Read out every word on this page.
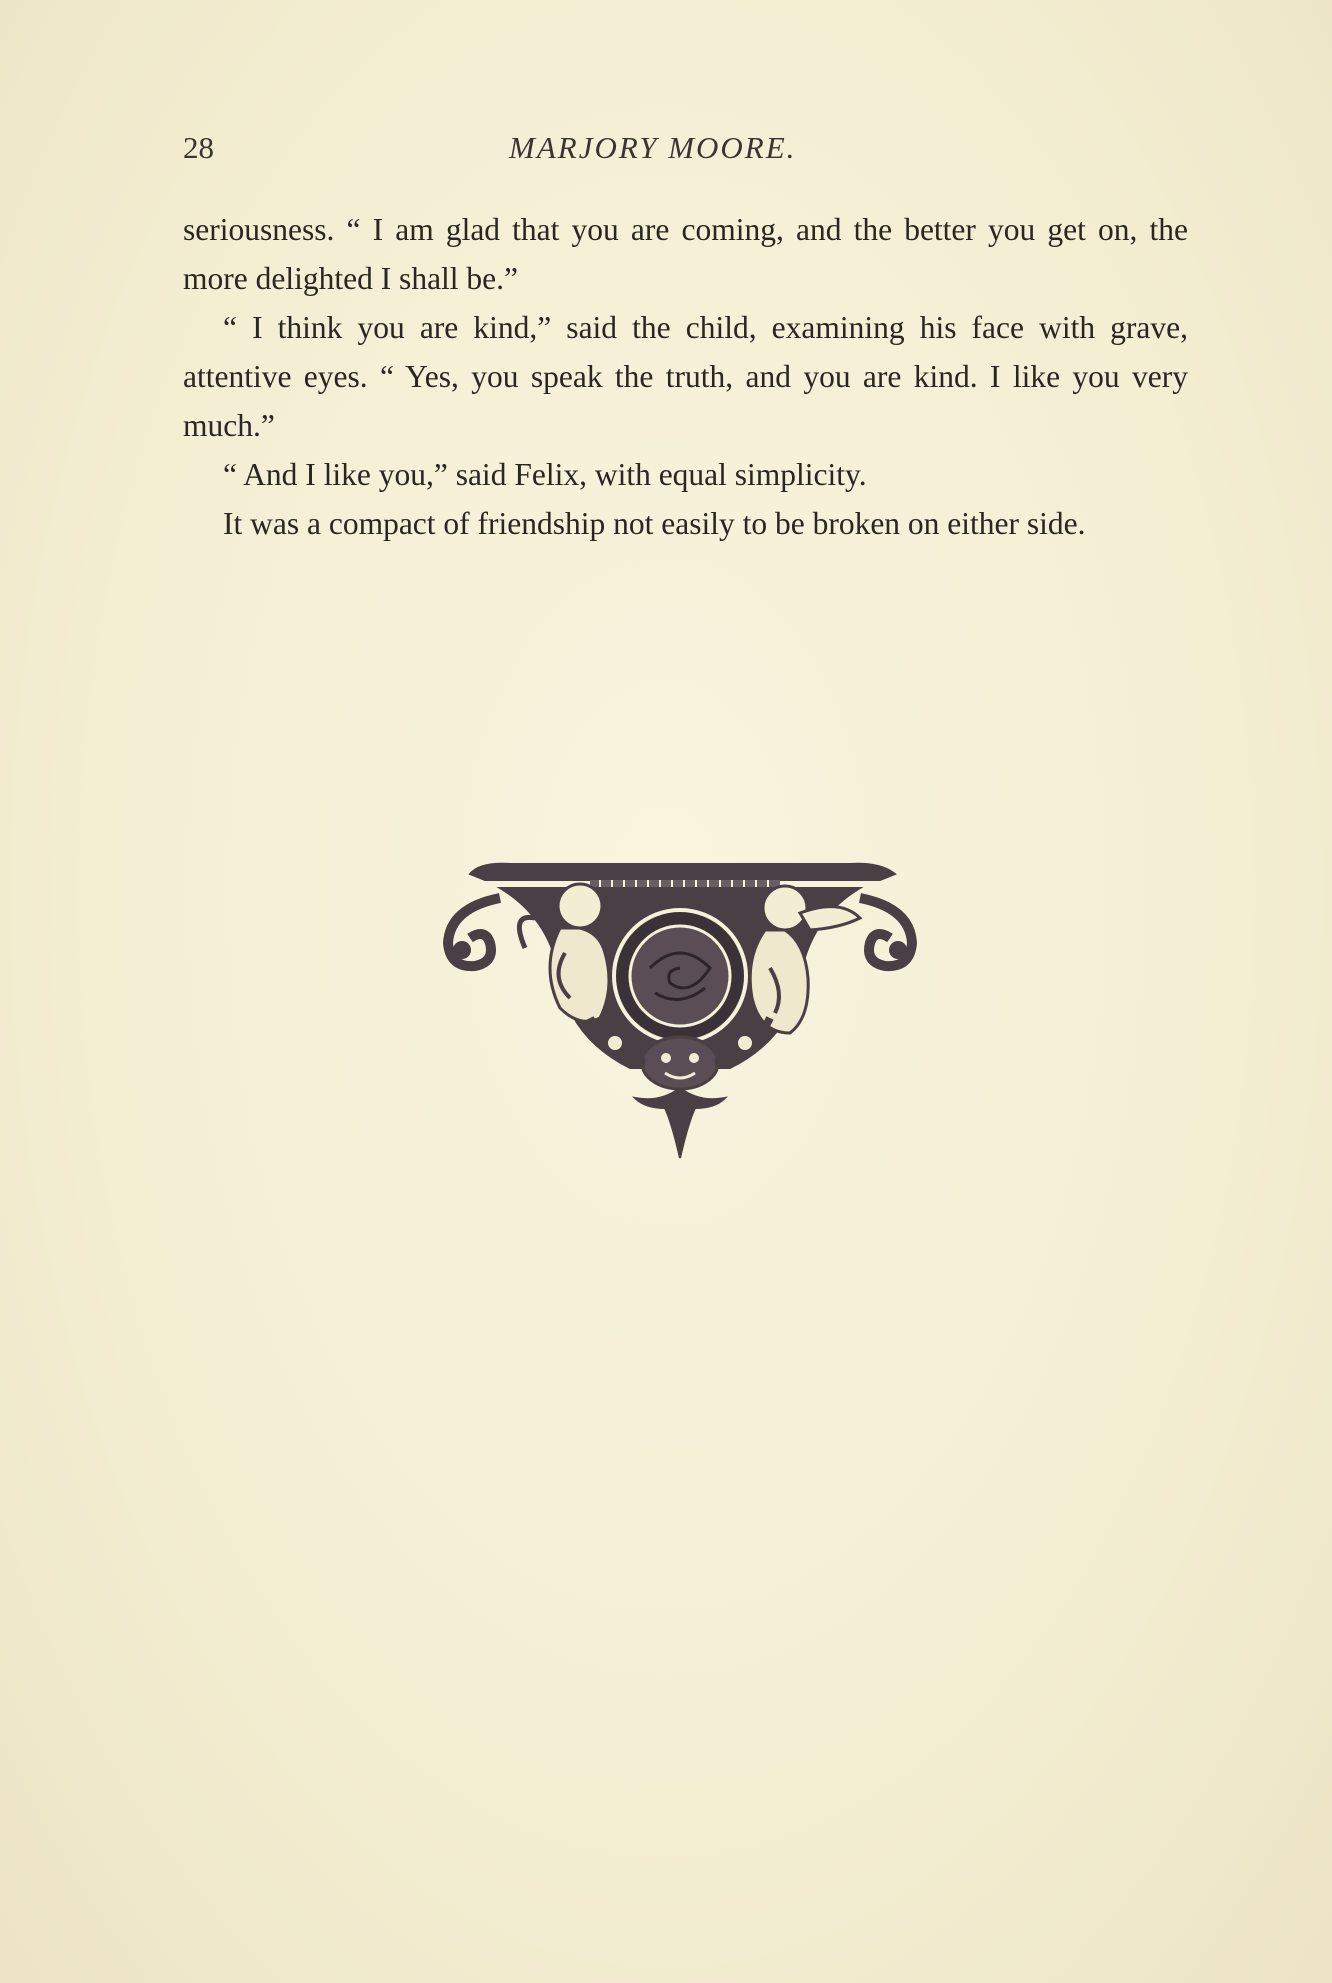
28	MARJORY MOORE.

seriousness. “ I am glad that you are coming, and the better you get on, the more delighted I shall be.”

“ I think you are kind,” said the child, examining his face with grave, attentive eyes. “ Yes, you speak the truth, and you are kind. I like you very much.”

“ And I like you,” said Felix, with equal simplicity.

It was a compact of friendship not easily to be broken on either side.
